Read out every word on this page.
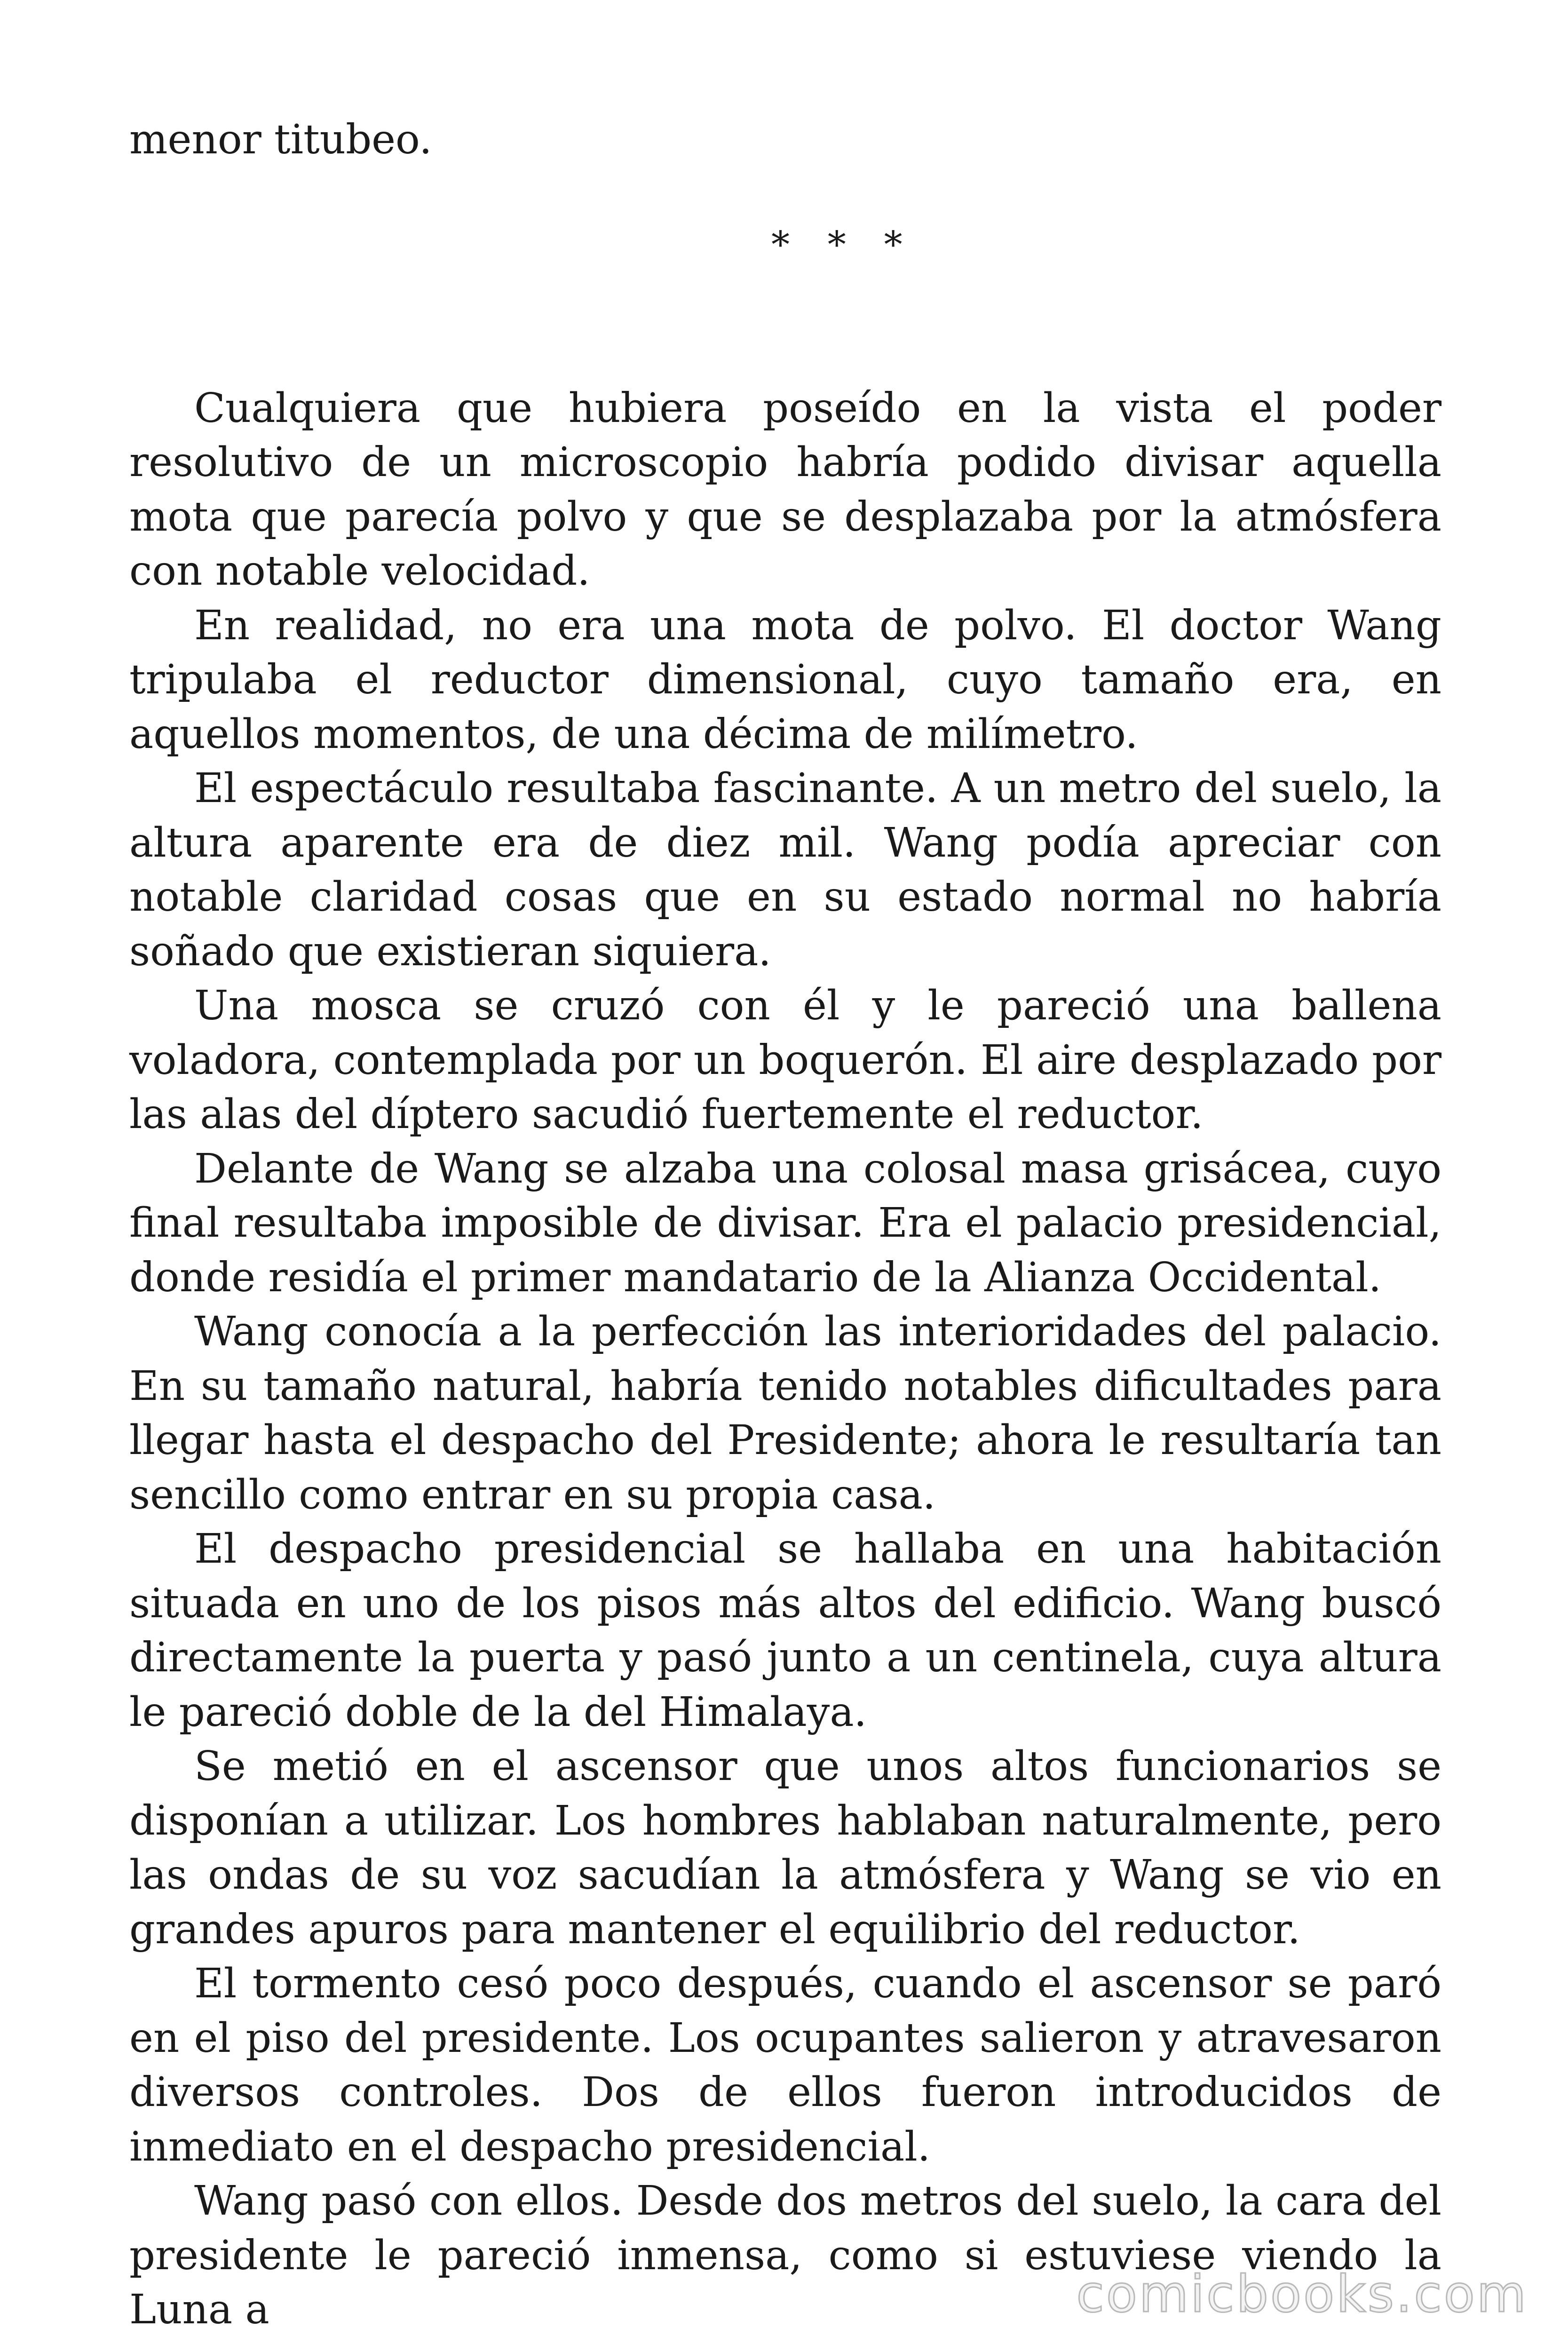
menor titubeo.

* * *

Cualquiera que hubiera poseído en la vista el poder resolutivo de un microscopio habría podido divisar aquella mota que parecía polvo y que se desplazaba por la atmósfera con notable velocidad.

En realidad, no era una mota de polvo. El doctor Wang tripulaba el reductor dimensional, cuyo tamaño era, en aquellos momentos, de una décima de milímetro.

El espectáculo resultaba fascinante. A un metro del suelo, la altura aparente era de diez mil. Wang podía apreciar con notable claridad cosas que en su estado normal no habría soñado que existieran siquiera.

Una mosca se cruzó con él y le pareció una ballena voladora, contemplada por un boquerón. El aire desplazado por las alas del díptero sacudió fuertemente el reductor.

Delante de Wang se alzaba una colosal masa grisácea, cuyo final resultaba imposible de divisar. Era el palacio presidencial, donde residía el primer mandatario de la Alianza Occidental.

Wang conocía a la perfección las interioridades del palacio. En su tamaño natural, habría tenido notables dificultades para llegar hasta el despacho del Presidente; ahora le resultaría tan sencillo como entrar en su propia casa.

El despacho presidencial se hallaba en una habitación situada en uno de los pisos más altos del edificio. Wang buscó directamente la puerta y pasó junto a un centinela, cuya altura le pareció doble de la del Himalaya.

Se metió en el ascensor que unos altos funcionarios se disponían a utilizar. Los hombres hablaban naturalmente, pero las ondas de su voz sacudían la atmósfera y Wang se vio en grandes apuros para mantener el equilibrio del reductor.

El tormento cesó poco después, cuando el ascensor se paró en el piso del presidente. Los ocupantes salieron y atravesaron diversos controles. Dos de ellos fueron introducidos de inmediato en el despacho presidencial.

Wang pasó con ellos. Desde dos metros del suelo, la cara del presidente le pareció inmensa, como si estuviese viendo la Luna a	comicbooks.com
